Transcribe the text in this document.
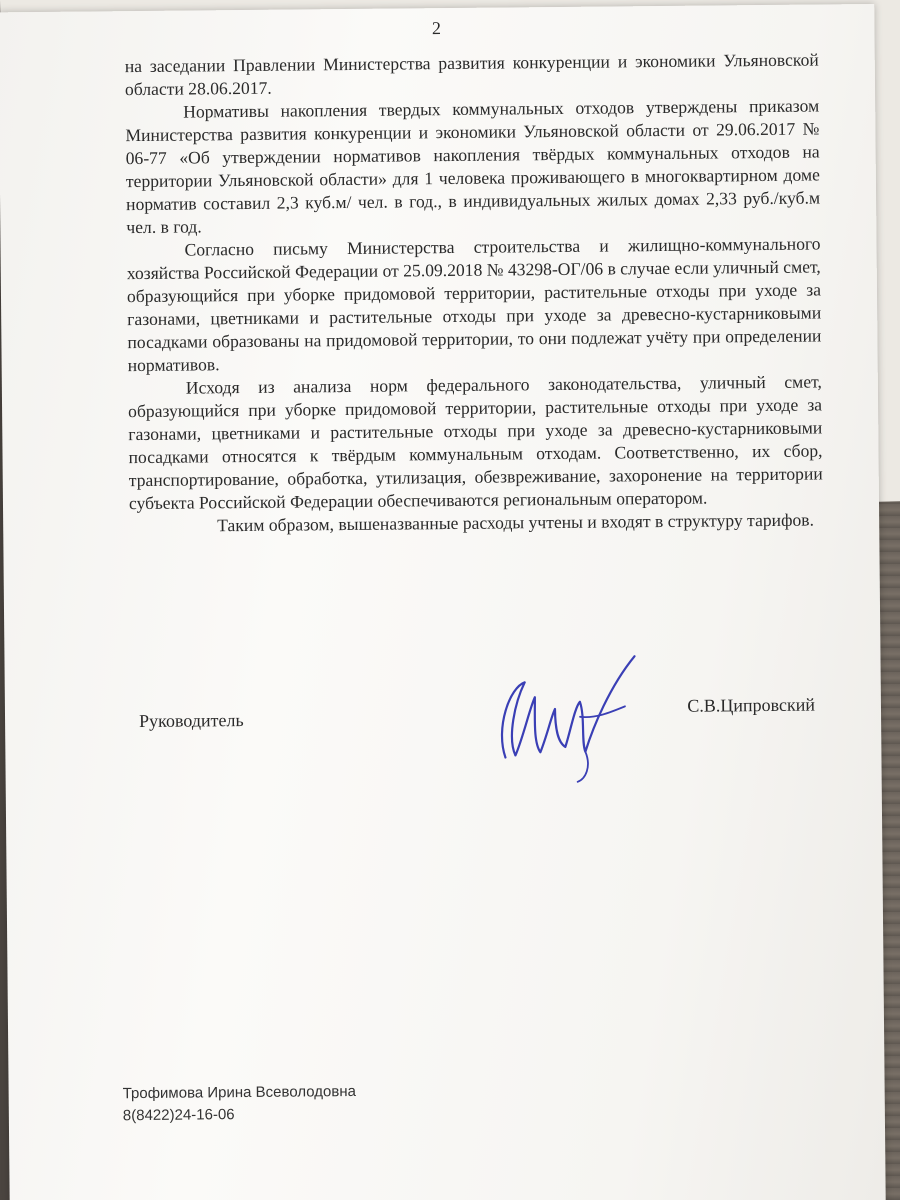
2

на заседании Правлении Министерства развития конкуренции и экономики Ульяновской области 28.06.2017.

Нормативы накопления твердых коммунальных отходов утверждены приказом Министерства развития конкуренции и экономики Ульяновской области от 29.06.2017 № 06-77 «Об утверждении нормативов накопления твёрдых коммунальных отходов на территории Ульяновской области» для 1 человека проживающего в многоквартирном доме норматив составил 2,3 куб.м/ чел. в год., в индивидуальных жилых домах 2,33 руб./куб.м чел. в год.

Согласно письму Министерства строительства и жилищно-коммунального хозяйства Российской Федерации от 25.09.2018 № 43298-ОГ/06 в случае если уличный смет, образующийся при уборке придомовой территории, растительные отходы при уходе за газонами, цветниками и растительные отходы при уходе за древесно-кустарниковыми посадками образованы на придомовой территории, то они подлежат учёту при определении нормативов.

Исходя из анализа норм федерального законодательства, уличный смет, образующийся при уборке придомовой территории, растительные отходы при уходе за газонами, цветниками и растительные отходы при уходе за древесно-кустарниковыми посадками относятся к твёрдым коммунальным отходам. Соответственно, их сбор, транспортирование, обработка, утилизация, обезвреживание, захоронение на территории субъекта Российской Федерации обеспечиваются региональным оператором.

Таким образом, вышеназванные расходы учтены и входят в структуру тарифов.

Руководитель
С.В.Ципровский
Трофимова Ирина Всеволодовна
8(8422)24-16-06
